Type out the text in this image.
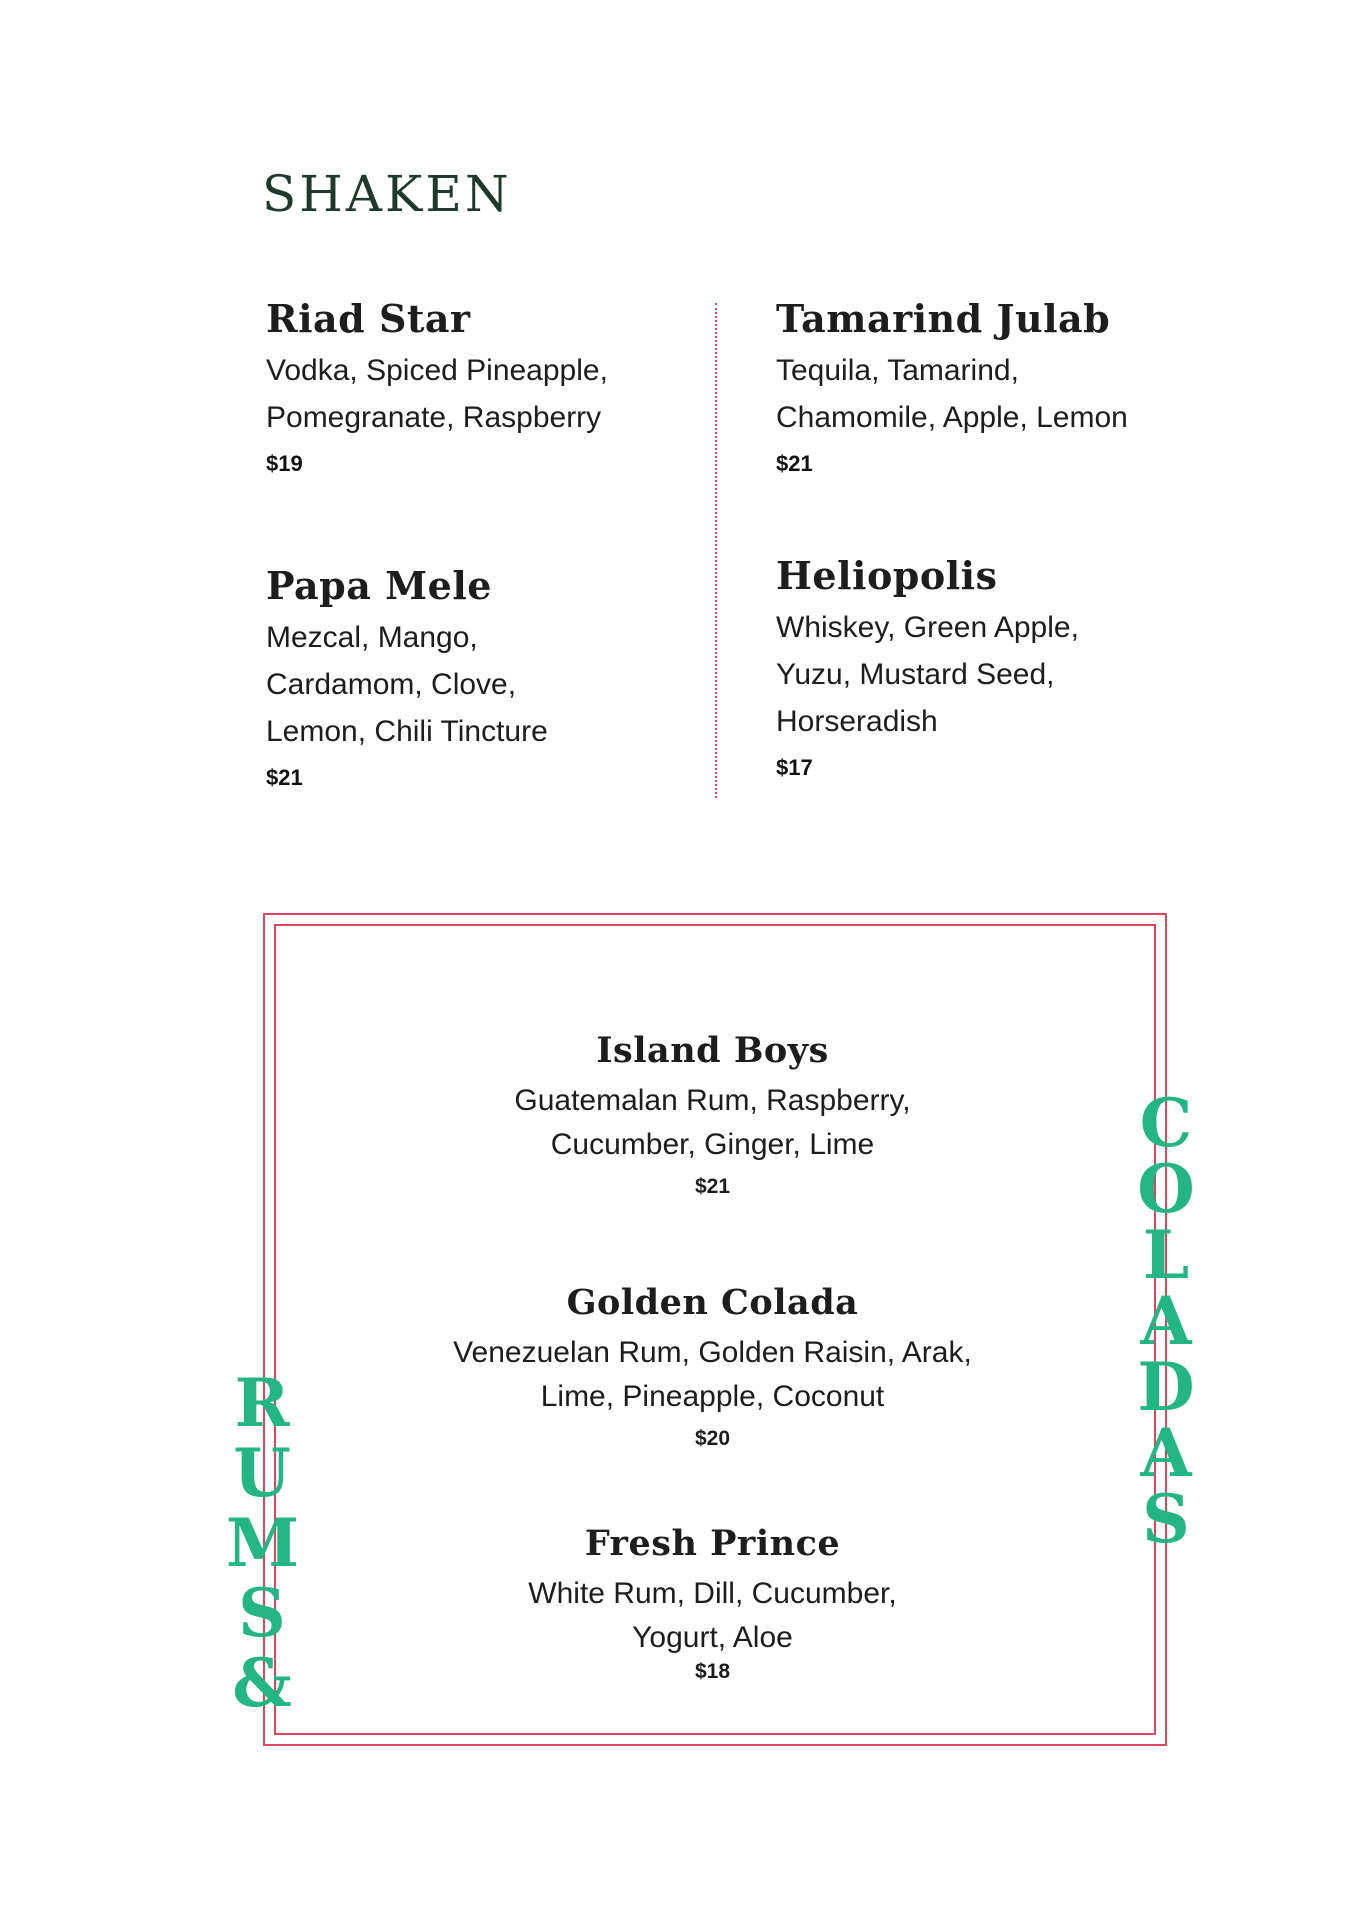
SHAKEN
Riad Star
Vodka, Spiced Pineapple,
Pomegranate, Raspberry
$19
Tamarind Julab
Tequila, Tamarind,
Chamomile, Apple, Lemon
$21
Papa Mele
Mezcal, Mango,
Cardamom, Clove,
Lemon, Chili Tincture
$21
Heliopolis
Whiskey, Green Apple,
Yuzu, Mustard Seed,
Horseradish
$17
R
U
M
S
&
C
O
L
A
D
A
S
Island Boys
Guatemalan Rum, Raspberry,
Cucumber, Ginger, Lime
$21
Golden Colada
Venezuelan Rum, Golden Raisin, Arak,
Lime, Pineapple, Coconut
$20
Fresh Prince
White Rum, Dill, Cucumber,
Yogurt, Aloe
$18
